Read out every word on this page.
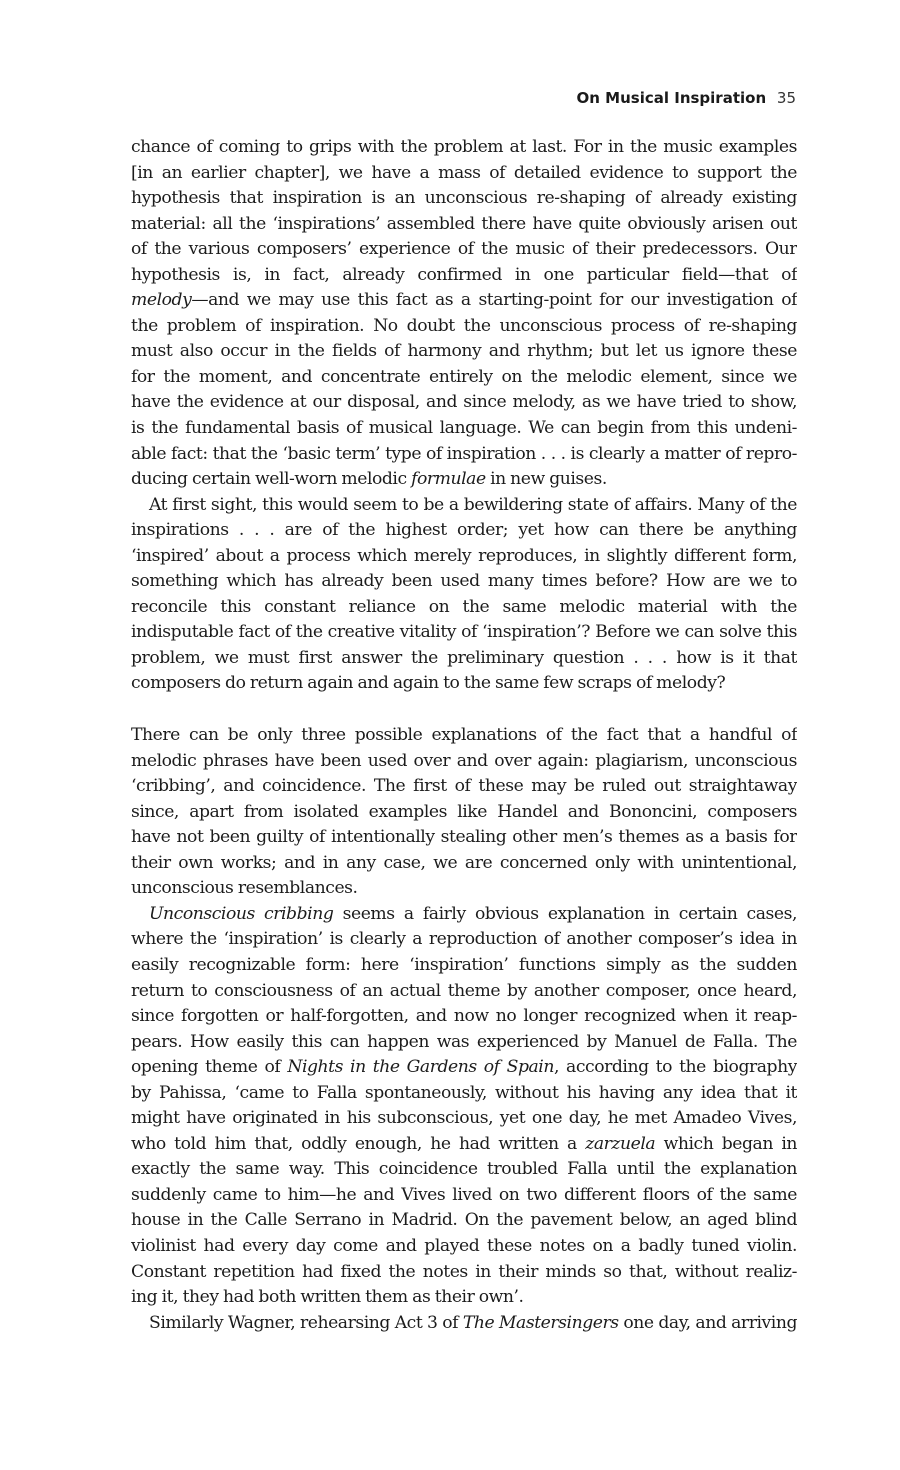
On Musical Inspiration 35
chance of coming to grips with the problem at last. For in the music examples
[in an earlier chapter], we have a mass of detailed evidence to support the
hypothesis that inspiration is an unconscious re-shaping of already existing
material: all the ‘inspirations’ assembled there have quite obviously arisen out
of the various composers’ experience of the music of their predecessors. Our
hypothesis is, in fact, already confirmed in one particular field—that of
melody—and we may use this fact as a starting-point for our investigation of
the problem of inspiration. No doubt the unconscious process of re-shaping
must also occur in the fields of harmony and rhythm; but let us ignore these
for the moment, and concentrate entirely on the melodic element, since we
have the evidence at our disposal, and since melody, as we have tried to show,
is the fundamental basis of musical language. We can begin from this undeni-
able fact: that the ‘basic term’ type of inspiration . . . is clearly a matter of repro-
ducing certain well-worn melodic formulae in new guises.
At first sight, this would seem to be a bewildering state of affairs. Many of the
inspirations . . . are of the highest order; yet how can there be anything
‘inspired’ about a process which merely reproduces, in slightly different form,
something which has already been used many times before? How are we to
reconcile this constant reliance on the same melodic material with the
indisputable fact of the creative vitality of ‘inspiration’? Before we can solve this
problem, we must first answer the preliminary question . . . how is it that
composers do return again and again to the same few scraps of melody?
There can be only three possible explanations of the fact that a handful of
melodic phrases have been used over and over again: plagiarism, unconscious
‘cribbing’, and coincidence. The first of these may be ruled out straightaway
since, apart from isolated examples like Handel and Bononcini, composers
have not been guilty of intentionally stealing other men’s themes as a basis for
their own works; and in any case, we are concerned only with unintentional,
unconscious resemblances.
Unconscious cribbing seems a fairly obvious explanation in certain cases,
where the ‘inspiration’ is clearly a reproduction of another composer’s idea in
easily recognizable form: here ‘inspiration’ functions simply as the sudden
return to consciousness of an actual theme by another composer, once heard,
since forgotten or half-forgotten, and now no longer recognized when it reap-
pears. How easily this can happen was experienced by Manuel de Falla. The
opening theme of Nights in the Gardens of Spain, according to the biography
by Pahissa, ‘came to Falla spontaneously, without his having any idea that it
might have originated in his subconscious, yet one day, he met Amadeo Vives,
who told him that, oddly enough, he had written a zarzuela which began in
exactly the same way. This coincidence troubled Falla until the explanation
suddenly came to him—he and Vives lived on two different floors of the same
house in the Calle Serrano in Madrid. On the pavement below, an aged blind
violinist had every day come and played these notes on a badly tuned violin.
Constant repetition had fixed the notes in their minds so that, without realiz-
ing it, they had both written them as their own’.
Similarly Wagner, rehearsing Act 3 of The Mastersingers one day, and arriving
